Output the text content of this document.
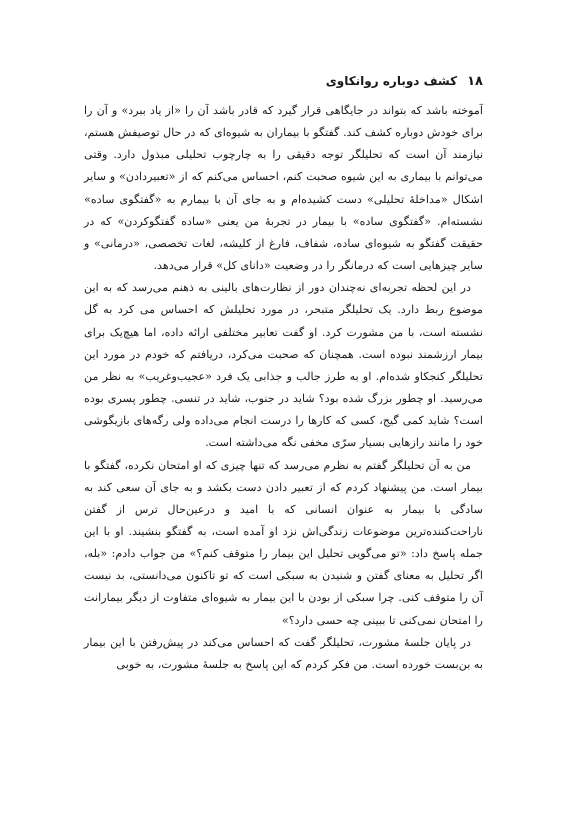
۱۸
کشف دوباره روانکاوی

آموخته باشد که بتواند در جایگاهی قرار گیرد که قادر باشد آن را «از یاد ببرد» و آن را برای خودش دوباره کشف کند. گفتگو با بیماران به شیوه‌ای که در حال توصیفش هستم، نیازمند آن است که تحلیلگر توجه دقیقی را به چارچوب تحلیلی مبذول دارد. وقتی می‌توانم با بیماری به این شیوه صحبت کنم، احساس می‌کنم که از «تعبیردادن» و سایر اشکال «مداخلهٔ تحلیلی» دست کشیده‌ام و به جای آن با بیمارم به «گفتگوی ساده» نشسته‌ام. «گفتگوی ساده» با بیمار در تجربهٔ من یعنی «ساده گفتگوکردن» که در حقیقت گفتگو به شیوه‌ای ساده، شفاف، فارغ از کلیشه، لغات تخصصی، «درمانی» و سایر چیزهایی است که درمانگر را در وضعیت «دانای کل» قرار می‌دهد.

در این لحظه تجربه‌ای نه‌چندان دور از نظارت‌های بالینی به ذهنم می‌رسد که به این موضوع ربط دارد. یک تحلیلگر متبحر، در مورد تحلیلش که احساس می کرد به گل نشسته است، با من مشورت کرد. او گفت تعابیر مختلفی ارائه داده، اما هیچ‌یک برای بیمار ارزشمند نبوده است. همچنان که صحبت می‌کرد، دریافتم که خودم در مورد این تحلیلگر کنجکاو شده‌ام. او به طرز جالب و جذابی یک فرد «عجیب‌وغریب» به نظر من می‌رسید. او چطور بزرگ شده بود؟ شاید در جنوب، شاید در تنسی. چطور پسری بوده است؟ شاید کمی گیج، کسی که کارها را درست انجام می‌داده ولی رگه‌های بازیگوشی خود را مانند رازهایی بسیار سرّی مخفی نگه می‌داشته است.

من به آن تحلیلگر گفتم به نظرم می‌رسد که تنها چیزی که او امتحان نکرده، گفتگو با بیمار است. من پیشنهاد کردم که از تعبیر دادن دست بکشد و به جای آن سعی کند به سادگی با بیمار به عنوان انسانی که با امید و درعین‌حال ترس از گفتن ناراحت‌کننده‌ترین موضوعات زندگی‌اش نزد او آمده است، به گفتگو بنشیند. او با این جمله پاسخ داد: «تو می‌گویی تحلیل این بیمار را متوقف کنم؟» من جواب دادم: «بله، اگر تحلیل به معنای گفتن و شنیدن به سبکی است که تو تاکنون می‌دانستی، بد نیست آن را متوقف کنی. چرا سبکی از بودن با این بیمار به شیوه‌ای متفاوت از دیگر بیمارانت را امتحان نمی‌کنی تا ببینی چه حسی دارد؟»

در پایان جلسهٔ مشورت، تحلیلگر گفت که احساس می‌کند در پیش‌رفتن با این بیمار به بن‌بست خورده است. من فکر کردم که این پاسخ به جلسهٔ مشورت، به خوبی
